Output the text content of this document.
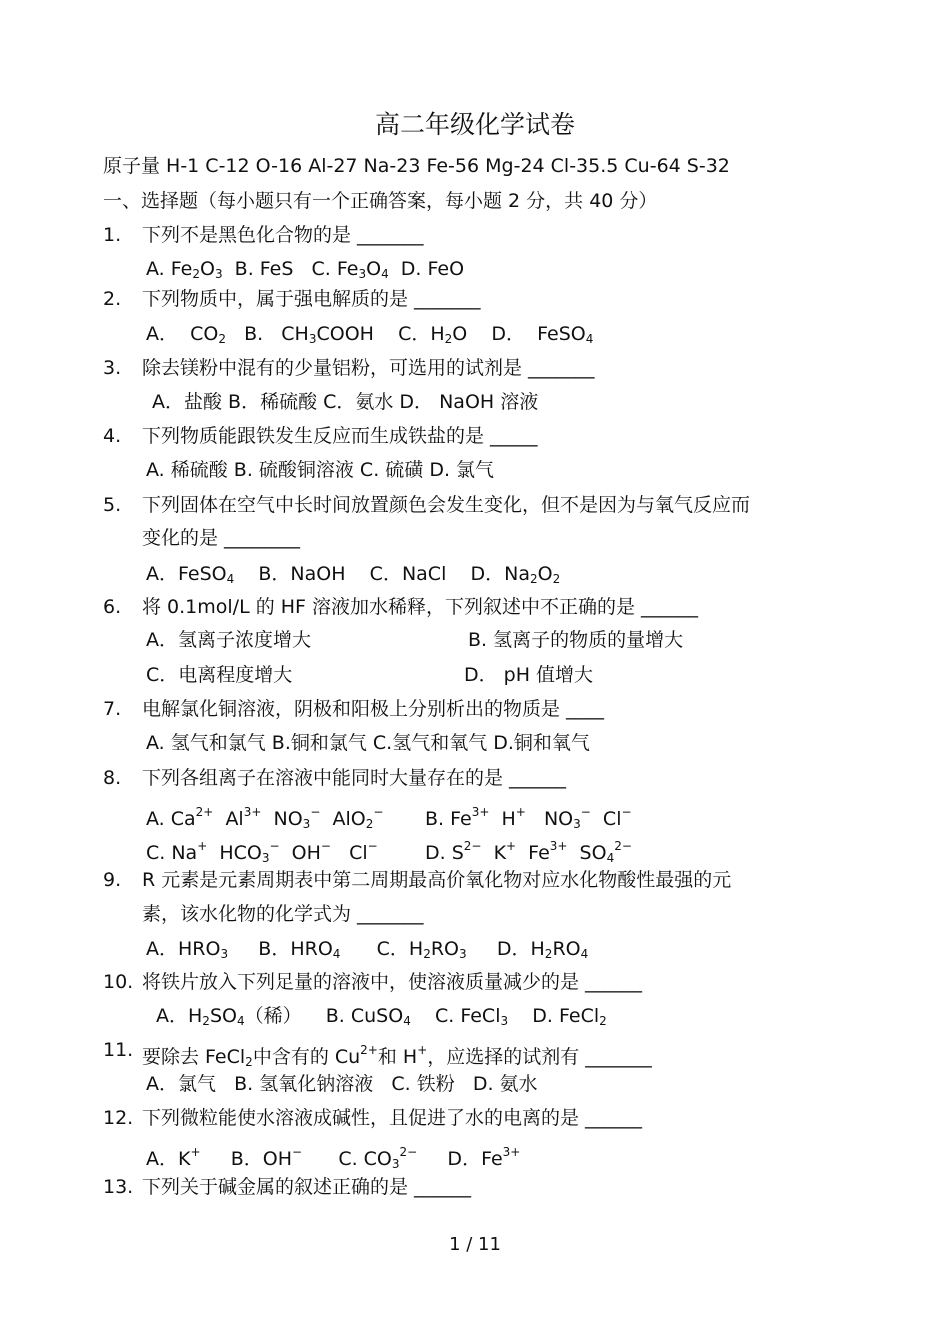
高二年级化学试卷
原子量 H-1 C-12 O-16 Al-27 Na-23 Fe-56 Mg-24 Cl-35.5 Cu-64 S-32
一、选择题（每小题只有一个正确答案，每小题 2 分，共 40 分）
1. 下列不是黑色化合物的是 _______
A. $Fe_2O_3$  B. FeS   C. $Fe_3O_4$  D. FeO
2. 下列物质中，属于强电解质的是 _______
A．  $CO_2$   B.   $CH_3COOH$    C．$H_2O$    D．  FeSO$_4$
3. 除去镁粉中混有的少量铝粉，可选用的试剂是 _______
A．盐酸 B．稀硫酸 C．氨水 D． NaOH 溶液
4. 下列物质能跟铁发生反应而生成铁盐的是 _____
A. 稀硫酸 B. 硫酸铜溶液 C. 硫磺 D. 氯气
5. 下列固体在空气中长时间放置颜色会发生变化，但不是因为与氧气反应而
变化的是 ________
A．FeSO$_4$    B．NaOH    C．NaCl    D．$Na_2O_2$
6. 将 0.1mol/L 的 HF 溶液加水稀释，下列叙述中不正确的是 ______
A．氢离子浓度增大	B. 氢离子的物质的量增大
C．电离程度增大	D． pH 值增大
7. 电解氯化铜溶液，阴极和阳极上分别析出的物质是 ____
A. 氢气和氯气 B.铜和氯气 C.氢气和氧气 D.铜和氧气
8. 下列各组离子在溶液中能同时大量存在的是 ______
A. $Ca^{2+}$  $Al^{3+}$  $NO_3^-$  AlO$_2$− B. $Fe^{3+}$  H+   $NO_3^-$  Cl−
C. Na+  $HCO_3^-$  OH−   Cl− D. $S^{2-}$  K+  $Fe^{3+}$  $SO_4^{2-}$
9. R 元素是元素周期表中第二周期最高价氧化物对应水化物酸性最强的元
素，该水化物的化学式为 _______
A．$HRO_3$     B．$HRO_4$      C．$H_2RO_3$     D．$H_2RO_4$
10. 将铁片放入下列足量的溶液中，使溶液质量减少的是 ______
A．$H_2SO_4$（稀）    B. CuSO$_4$    C. FeCl$_3$    D. FeCl$_2$
11. 要除去 FeCl$_2$中含有的 $Cu^{2+}$和 H+，应选择的试剂有 _______
A．氯气   B. 氢氧化钠溶液   C. 铁粉   D. 氨水
12. 下列微粒能使水溶液成碱性，且促进了水的电离的是 ______
A．K+     B．OH−      C. $CO_3^{2-}$     D．$Fe^{3+}$
13. 下列关于碱金属的叙述正确的是 ______
1 / 11
